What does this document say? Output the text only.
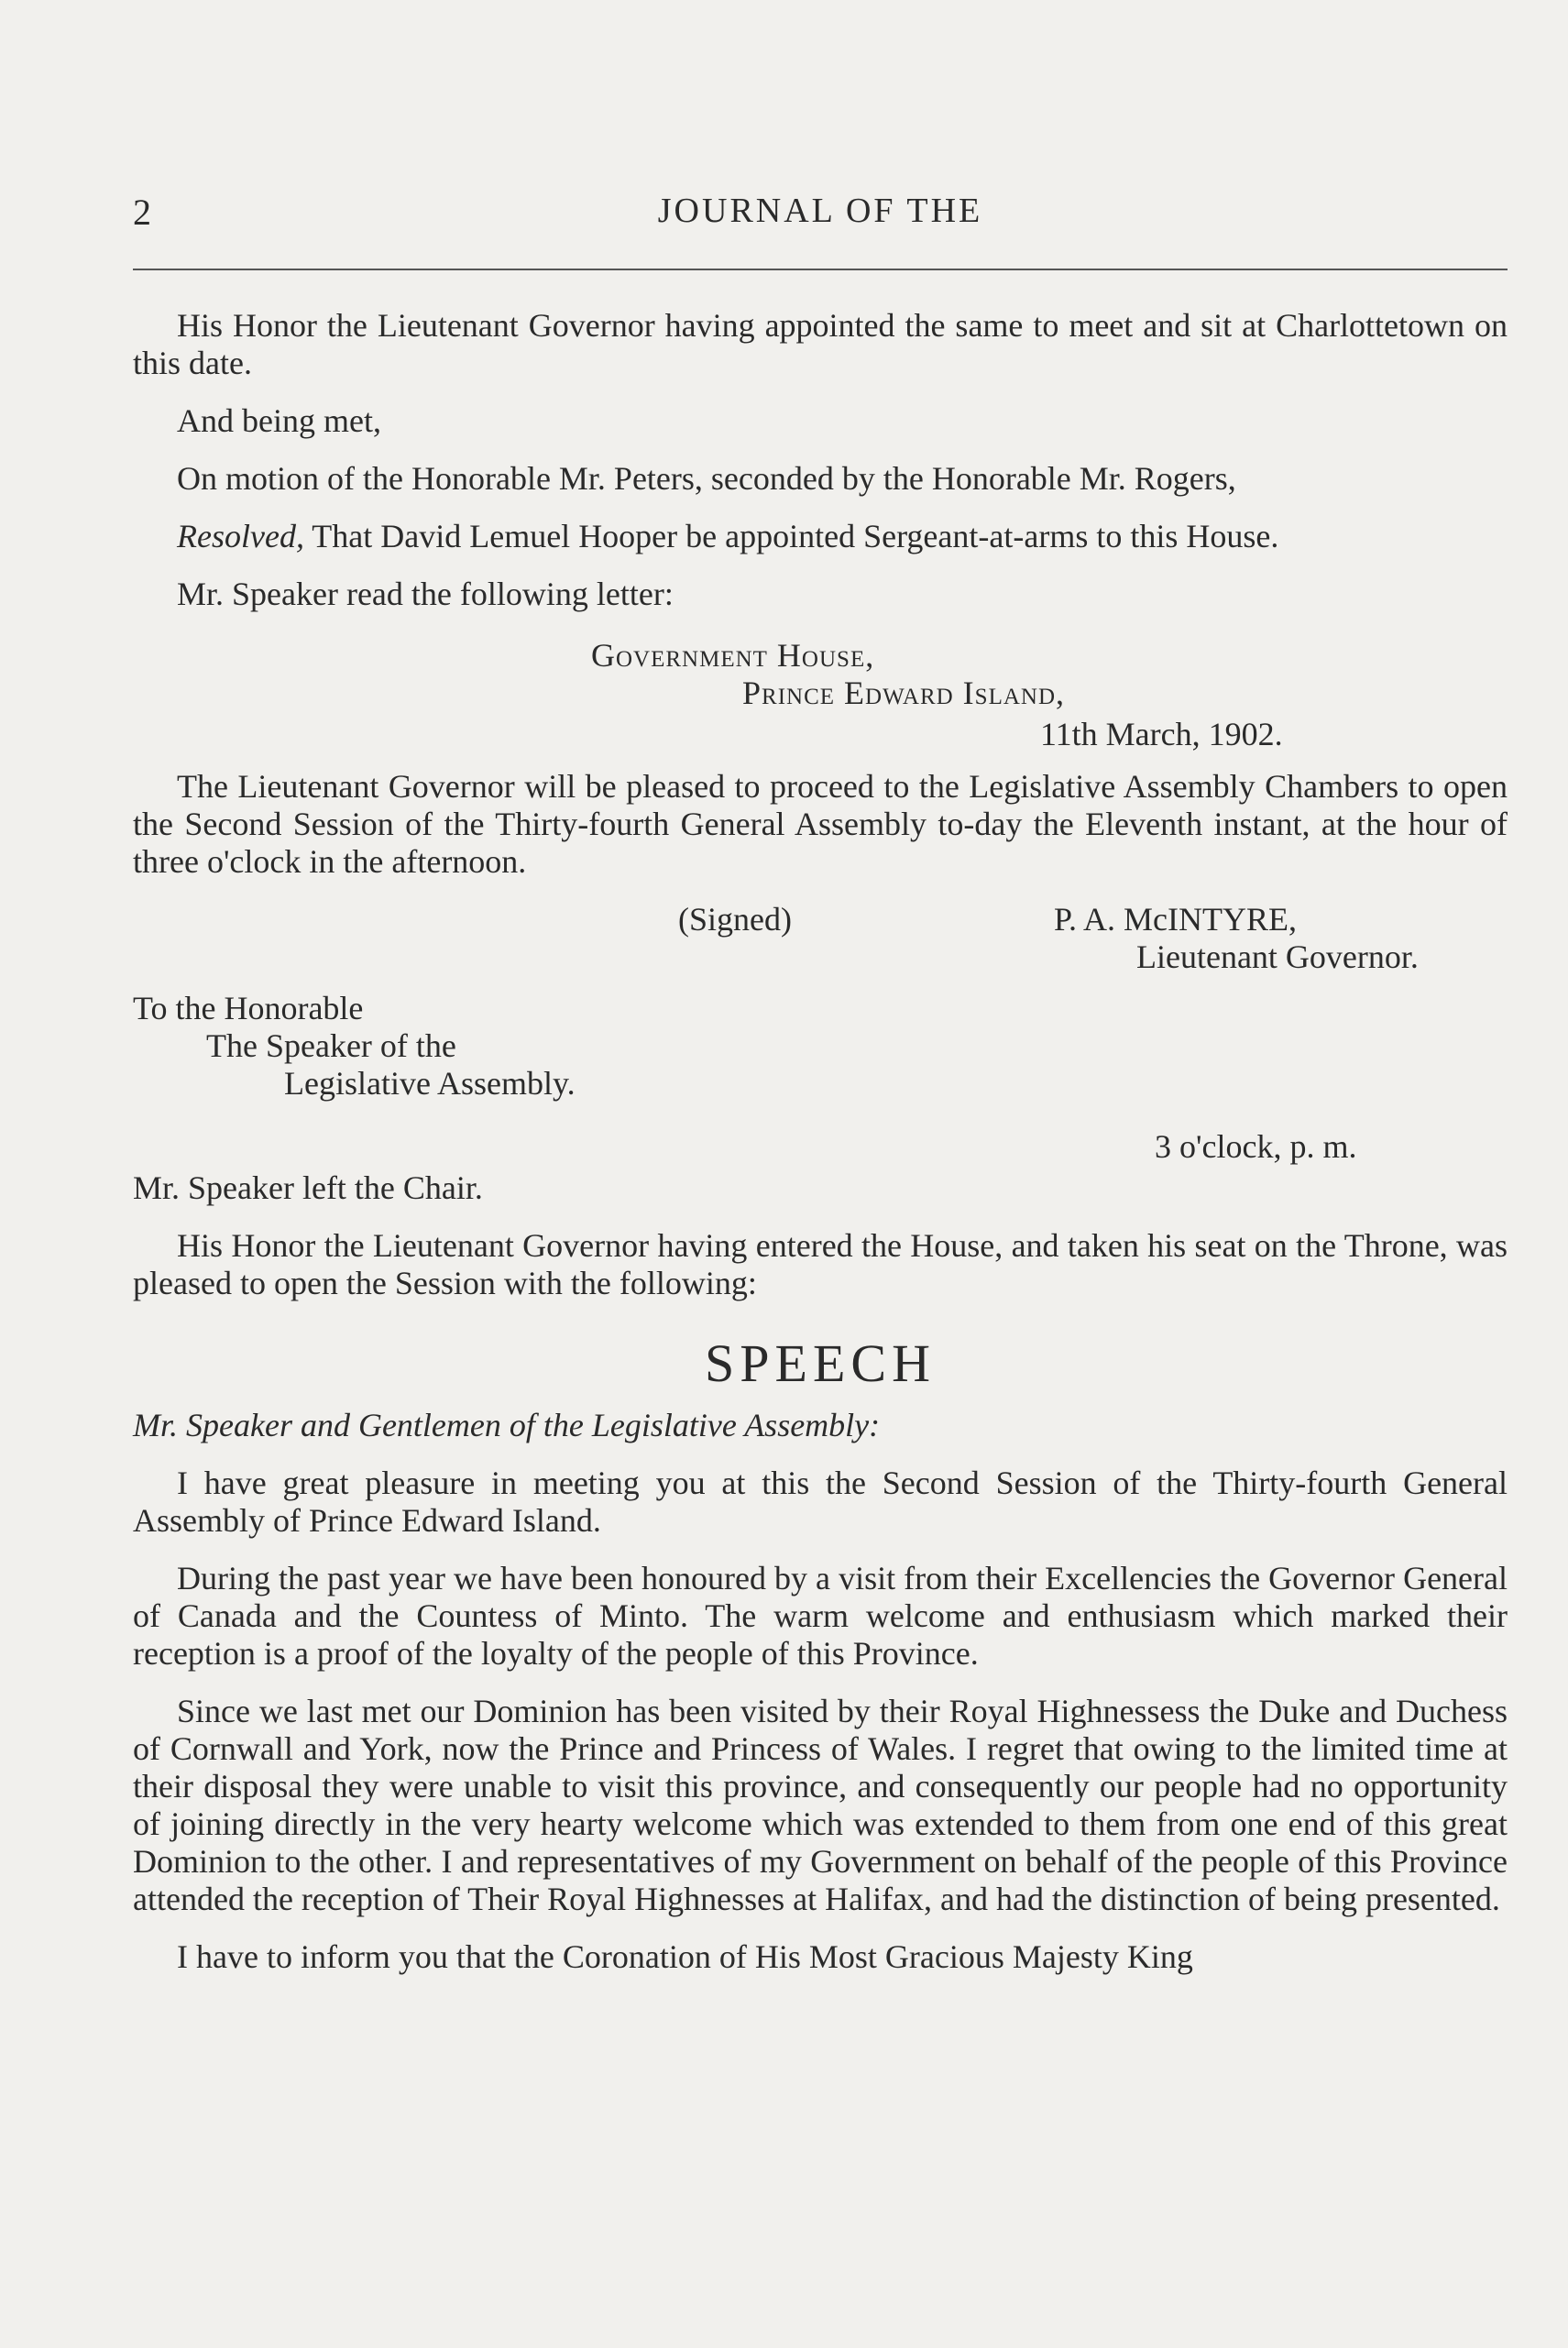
2	JOURNAL OF THE

His Honor the Lieutenant Governor having appointed the same to meet and sit at Charlottetown on this date.

And being met,

On motion of the Honorable Mr. Peters, seconded by the Honorable Mr. Rogers,

Resolved, That David Lemuel Hooper be appointed Sergeant-at-arms to this House.

Mr. Speaker read the following letter:

Government House,
Prince Edward Island,
11th March, 1902.

The Lieutenant Governor will be pleased to proceed to the Legislative Assembly Chambers to open the Second Session of the Thirty-fourth General Assembly to-day the Eleventh instant, at the hour of three o'clock in the afternoon.

(Signed)	P. A. McINTYRE,
Lieutenant Governor.
To the Honorable
The Speaker of the
Legislative Assembly.
3 o'clock, p. m.

Mr. Speaker left the Chair.

His Honor the Lieutenant Governor having entered the House, and taken his seat on the Throne, was pleased to open the Session with the following:

SPEECH

Mr. Speaker and Gentlemen of the Legislative Assembly:

I have great pleasure in meeting you at this the Second Session of the Thirty-fourth General Assembly of Prince Edward Island.

During the past year we have been honoured by a visit from their Excellencies the Governor General of Canada and the Countess of Minto. The warm welcome and enthusiasm which marked their reception is a proof of the loyalty of the people of this Province.

Since we last met our Dominion has been visited by their Royal Highnessess the Duke and Duchess of Cornwall and York, now the Prince and Princess of Wales. I regret that owing to the limited time at their disposal they were unable to visit this province, and consequently our people had no opportunity of joining directly in the very hearty welcome which was extended to them from one end of this great Dominion to the other. I and representatives of my Government on behalf of the people of this Province attended the reception of Their Royal Highnesses at Halifax, and had the distinction of being presented.

I have to inform you that the Coronation of His Most Gracious Majesty King
